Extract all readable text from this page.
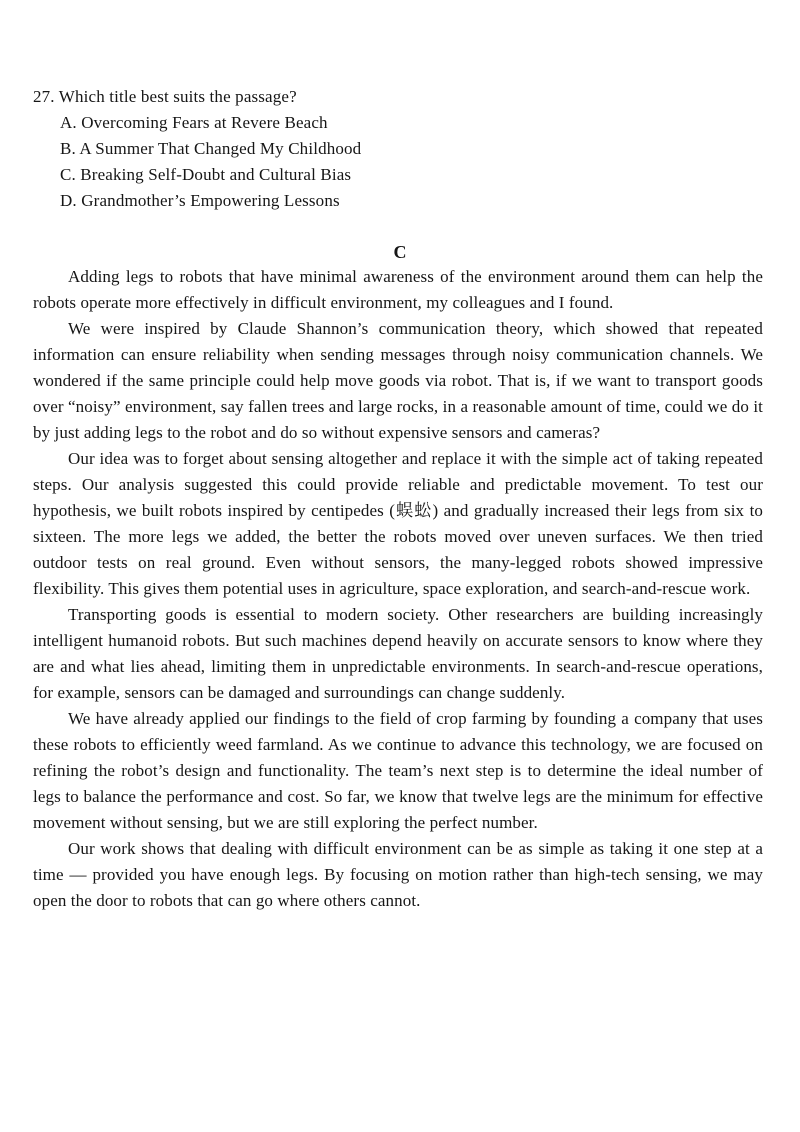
27. Which title best suits the passage?

A. Overcoming Fears at Revere Beach
B. A Summer That Changed My Childhood
C. Breaking Self-Doubt and Cultural Bias
D. Grandmother’s Empowering Lessons
C

Adding legs to robots that have minimal awareness of the environment around them can help the robots operate more effectively in difficult environment, my colleagues and I found.

We were inspired by Claude Shannon’s communication theory, which showed that repeated information can ensure reliability when sending messages through noisy communication channels. We wondered if the same principle could help move goods via robot. That is, if we want to transport goods over “noisy” environment, say fallen trees and large rocks, in a reasonable amount of time, could we do it by just adding legs to the robot and do so without expensive sensors and cameras?

Our idea was to forget about sensing altogether and replace it with the simple act of taking repeated steps. Our analysis suggested this could provide reliable and predictable movement. To test our hypothesis, we built robots inspired by centipedes (蜈蚣) and gradually increased their legs from six to sixteen. The more legs we added, the better the robots moved over uneven surfaces. We then tried outdoor tests on real ground. Even without sensors, the many-legged robots showed impressive flexibility. This gives them potential uses in agriculture, space exploration, and search-and-rescue work.

Transporting goods is essential to modern society. Other researchers are building increasingly intelligent humanoid robots. But such machines depend heavily on accurate sensors to know where they are and what lies ahead, limiting them in unpredictable environments. In search-and-rescue operations, for example, sensors can be damaged and surroundings can change suddenly.

We have already applied our findings to the field of crop farming by founding a company that uses these robots to efficiently weed farmland. As we continue to advance this technology, we are focused on refining the robot’s design and functionality. The team’s next step is to determine the ideal number of legs to balance the performance and cost. So far, we know that twelve legs are the minimum for effective movement without sensing, but we are still exploring the perfect number.

Our work shows that dealing with difficult environment can be as simple as taking it one step at a time — provided you have enough legs. By focusing on motion rather than high-tech sensing, we may open the door to robots that can go where others cannot.
